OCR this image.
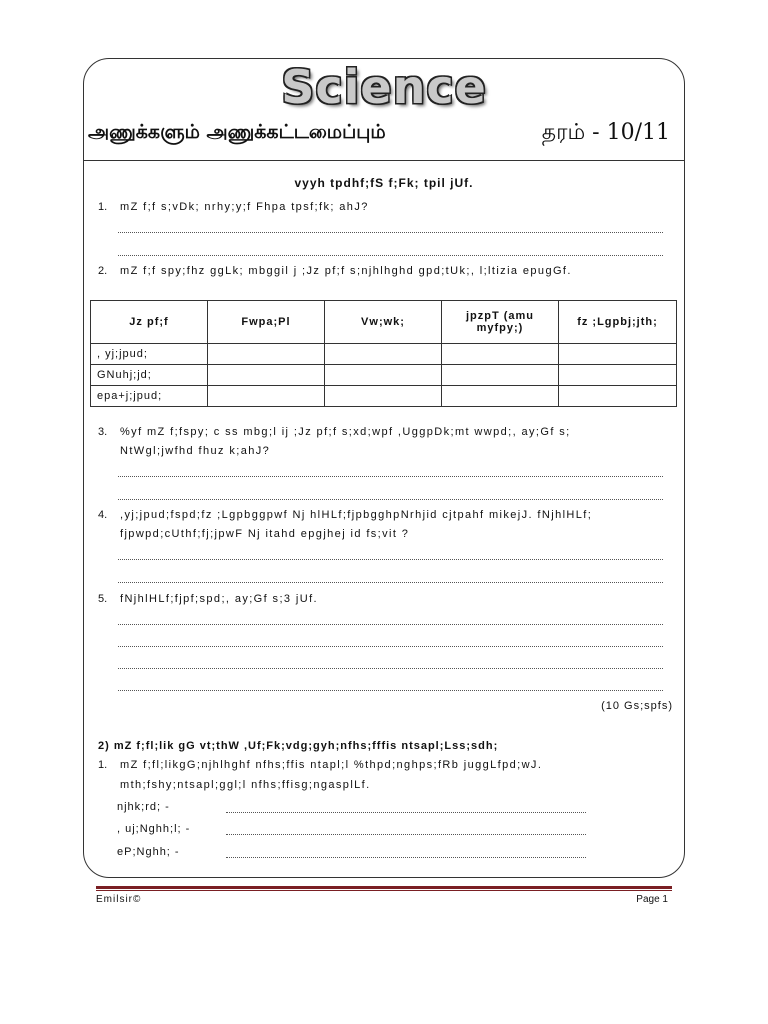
Science
அணுக்களும் அணுக்கட்டமைப்பும்	தரம் - 10/11
vyyh tpdhf;fS f;Fk; tpil jUf.
1. mZ f;f s;vDk; nrhy;y;f Fhpa tpsf;fk; ahJ?
2. mZ f;f spy;fhz ggLk; mbggil j ;Jz pf;f s;njhlhghd gpd;tUk;, l;ltizia epugGf.
Jz pf;f	Fwpa;Pl	Vw;wk;	jpzpT (amu myfpy;)	fz ;Lgpbj;jth;
, yj;jpud;				
GNuhj;jd;				
epa+j;jpud;				
3. %yf mZ f;fspy; c ss mbg;l ij ;Jz pf;f s;xd;wpf ,UggpDk;mt wwpd;, ay;Gf s;
NtWgl;jwfhd fhuz k;ahJ?
4. ,yj;jpud;fspd;fz ;Lgpbggpwf Nj hlHLf;fjpbgghpNrhjid cjtpahf mikejJ. fNjhlHLf;
fjpwpd;cUthf;fj;jpwF Nj itahd epgjhej id fs;vit ?
5. fNjhlHLf;fjpf;spd;, ay;Gf s;3 jUf.
(10 Gs;spfs)
2) mZ f;fl;lik gG vt;thW ,Uf;Fk;vdg;gyh;nfhs;fffis ntsapl;Lss;sdh;
1. mZ f;fl;likgG;njhlhghf nfhs;ffis ntapl;l %thpd;nghps;fRb juggLfpd;wJ.
mth;fshy;ntsapl;ggl;l nfhs;ffisg;ngasplLf.
njhk;rd; -
, uj;Nghh;l; -
eP;Nghh; -
Emilsir©	Page 1
